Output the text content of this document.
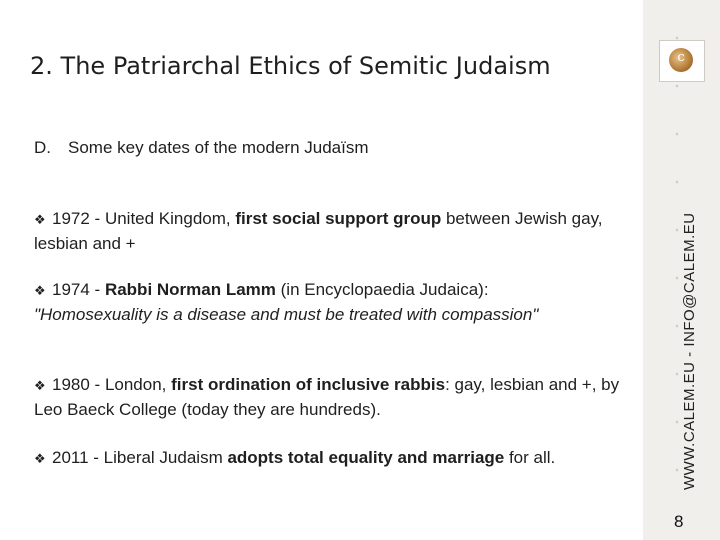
c
WWW.CALEM.EU - INFO@CALEM.EU
2. The Patriarchal Ethics of Semitic Judaism
D. Some key dates of the modern Judaïsm
❖ 1972 - United Kingdom, first social support group between Jewish gay, lesbian and +
❖ 1974 - Rabbi Norman Lamm (in Encyclopaedia Judaica):
"Homosexuality is a disease and must be treated with compassion"
❖ 1980 - London, first ordination of inclusive rabbis: gay, lesbian and +, by Leo Baeck College (today they are hundreds).
❖ 2011 - Liberal Judaism adopts total equality and marriage for all.
8
